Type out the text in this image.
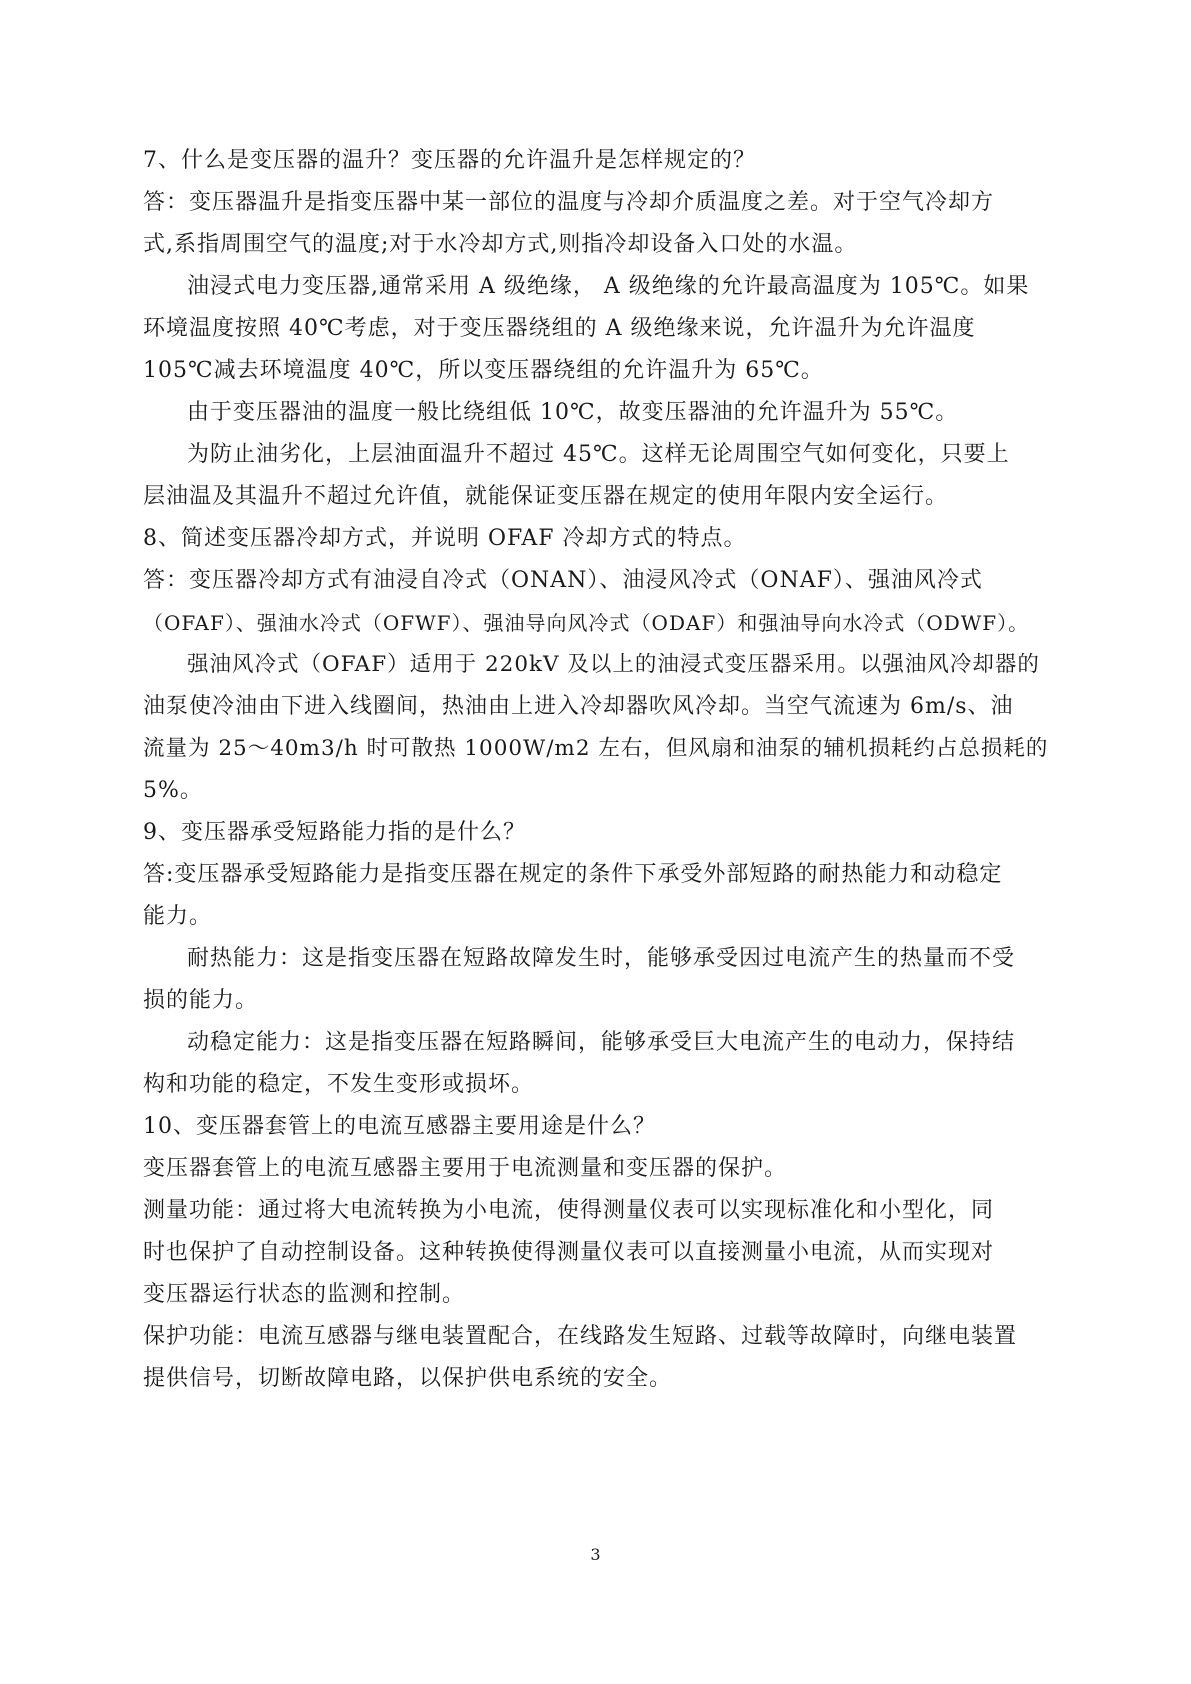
7、什么是变压器的温升？变压器的允许温升是怎样规定的？
答：变压器温升是指变压器中某一部位的温度与冷却介质温度之差。对于空气冷却方
式,系指周围空气的温度;对于水冷却方式,则指冷却设备入口处的水温。
油浸式电力变压器,通常采用 A 级绝缘， A 级绝缘的允许最高温度为 105℃。如果
环境温度按照 40℃考虑，对于变压器绕组的 A 级绝缘来说，允许温升为允许温度
105℃减去环境温度 40℃，所以变压器绕组的允许温升为 65℃。
由于变压器油的温度一般比绕组低 10℃，故变压器油的允许温升为 55℃。
为防止油劣化，上层油面温升不超过 45℃。这样无论周围空气如何变化，只要上
层油温及其温升不超过允许值，就能保证变压器在规定的使用年限内安全运行。
8、简述变压器冷却方式，并说明 OFAF 冷却方式的特点。
答：变压器冷却方式有油浸自冷式（ONAN）、油浸风冷式（ONAF）、强油风冷式
（OFAF）、强油水冷式（OFWF）、强油导向风冷式（ODAF）和强油导向水冷式（ODWF）。
强油风冷式（OFAF）适用于 220kV 及以上的油浸式变压器采用。以强油风冷却器的
油泵使冷油由下进入线圈间，热油由上进入冷却器吹风冷却。当空气流速为 6m/s、油
流量为 25～40m3/h 时可散热 1000W/m2 左右，但风扇和油泵的辅机损耗约占总损耗的
5%。
9、变压器承受短路能力指的是什么？
答:变压器承受短路能力是指变压器在规定的条件下承受外部短路的耐热能力和动稳定
能力。
耐热能力：这是指变压器在短路故障发生时，能够承受因过电流产生的热量而不受
损的能力。
动稳定能力：这是指变压器在短路瞬间，能够承受巨大电流产生的电动力，保持结
构和功能的稳定，不发生变形或损坏。
10、变压器套管上的电流互感器主要用途是什么？
变压器套管上的电流互感器主要用于电流测量和变压器的保护。
测量功能：通过将大电流转换为小电流，使得测量仪表可以实现标准化和小型化，同
时也保护了自动控制设备。这种转换使得测量仪表可以直接测量小电流，从而实现对
变压器运行状态的监测和控制。
保护功能：电流互感器与继电装置配合，在线路发生短路、过载等故障时，向继电装置
提供信号，切断故障电路，以保护供电系统的安全。
3
